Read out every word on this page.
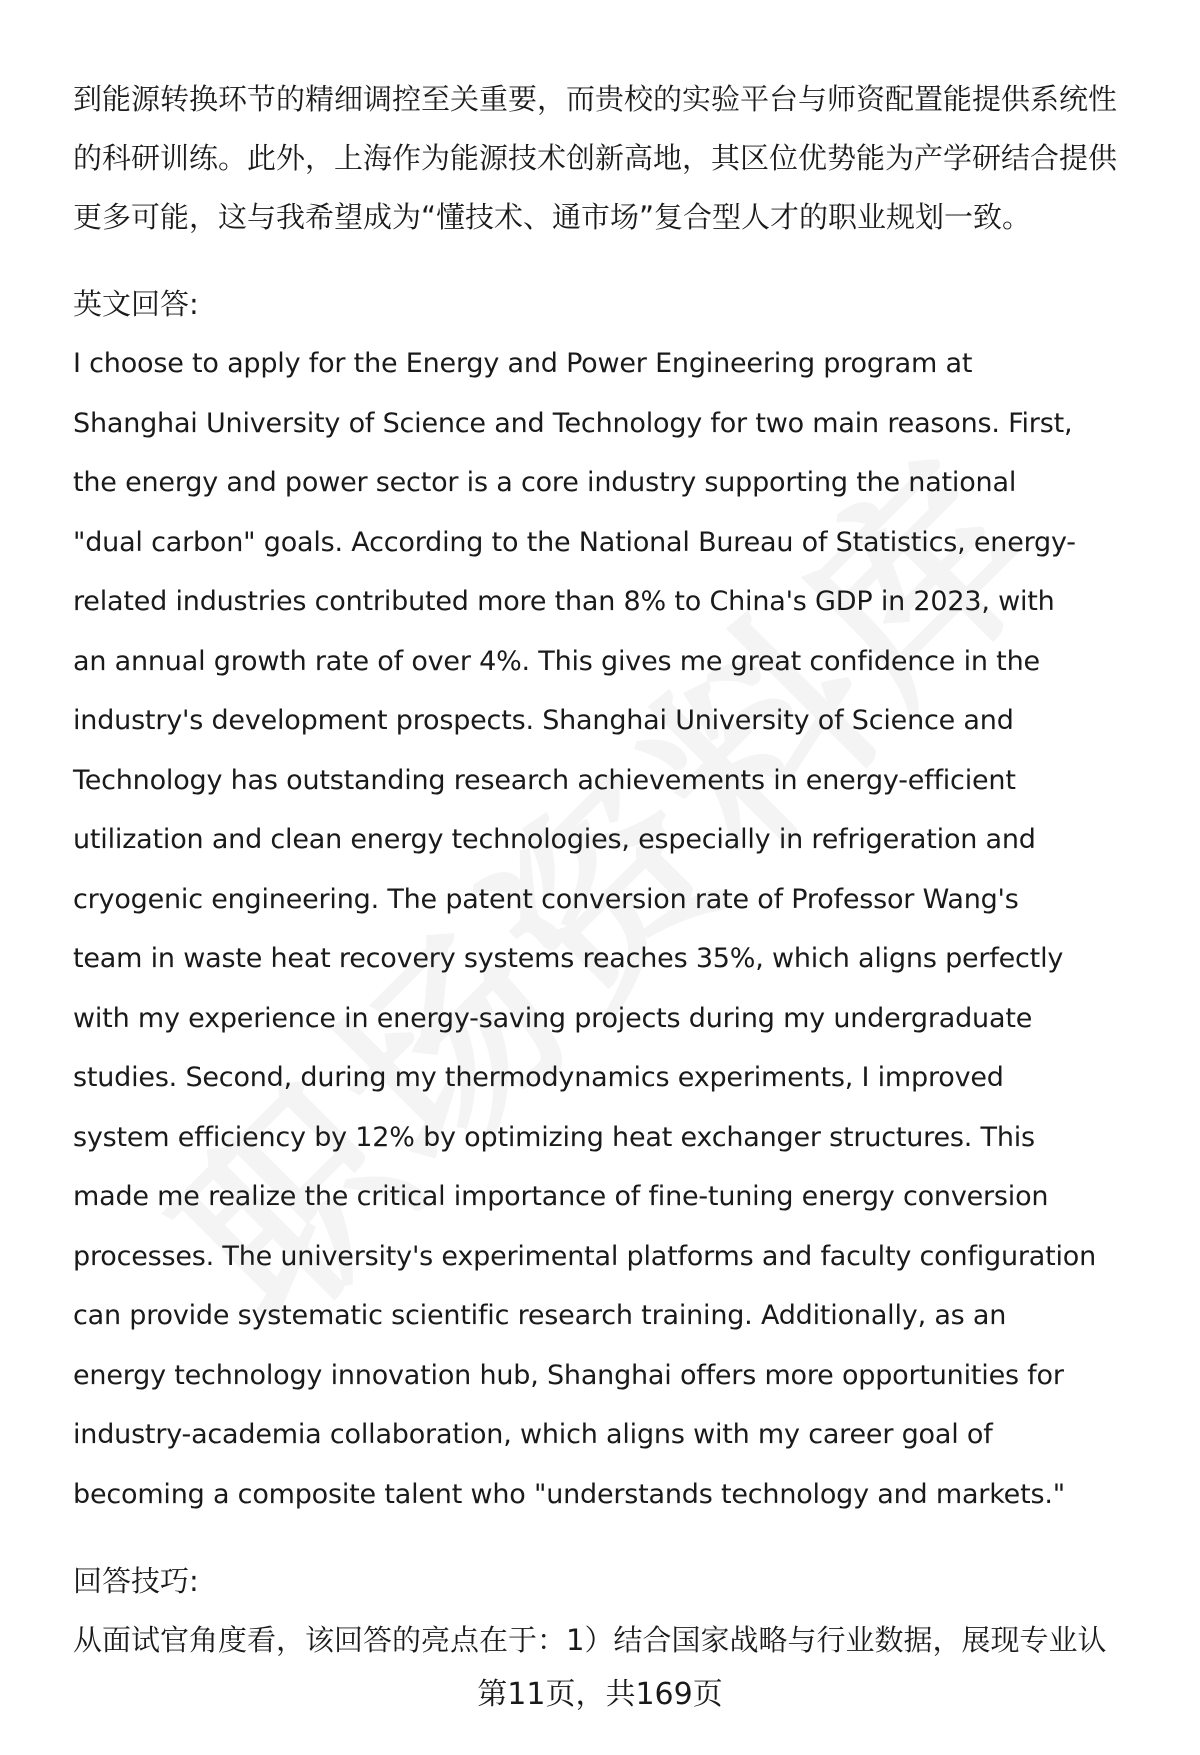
到能源转换环节的精细调控至关重要，而贵校的实验平台与师资配置能提供系统性
的科研训练。此外，上海作为能源技术创新高地，其区位优势能为产学研结合提供
更多可能，这与我希望成为“懂技术、通市场”复合型人才的职业规划一致。

英文回答:

I choose to apply for the Energy and Power Engineering program at
Shanghai University of Science and Technology for two main reasons. First,
the energy and power sector is a core industry supporting the national
"dual carbon" goals. According to the National Bureau of Statistics, energy-
related industries contributed more than 8% to China's GDP in 2023, with
an annual growth rate of over 4%. This gives me great confidence in the
industry's development prospects. Shanghai University of Science and
Technology has outstanding research achievements in energy-efficient
utilization and clean energy technologies, especially in refrigeration and
cryogenic engineering. The patent conversion rate of Professor Wang's
team in waste heat recovery systems reaches 35%, which aligns perfectly
with my experience in energy-saving projects during my undergraduate
studies. Second, during my thermodynamics experiments, I improved
system efficiency by 12% by optimizing heat exchanger structures. This
made me realize the critical importance of fine-tuning energy conversion
processes. The university's experimental platforms and faculty configuration
can provide systematic scientific research training. Additionally, as an
energy technology innovation hub, Shanghai offers more opportunities for
industry-academia collaboration, which aligns with my career goal of
becoming a composite talent who "understands technology and markets."

回答技巧:

从面试官角度看，该回答的亮点在于：1）结合国家战略与行业数据，展现专业认

第11页，共169页
